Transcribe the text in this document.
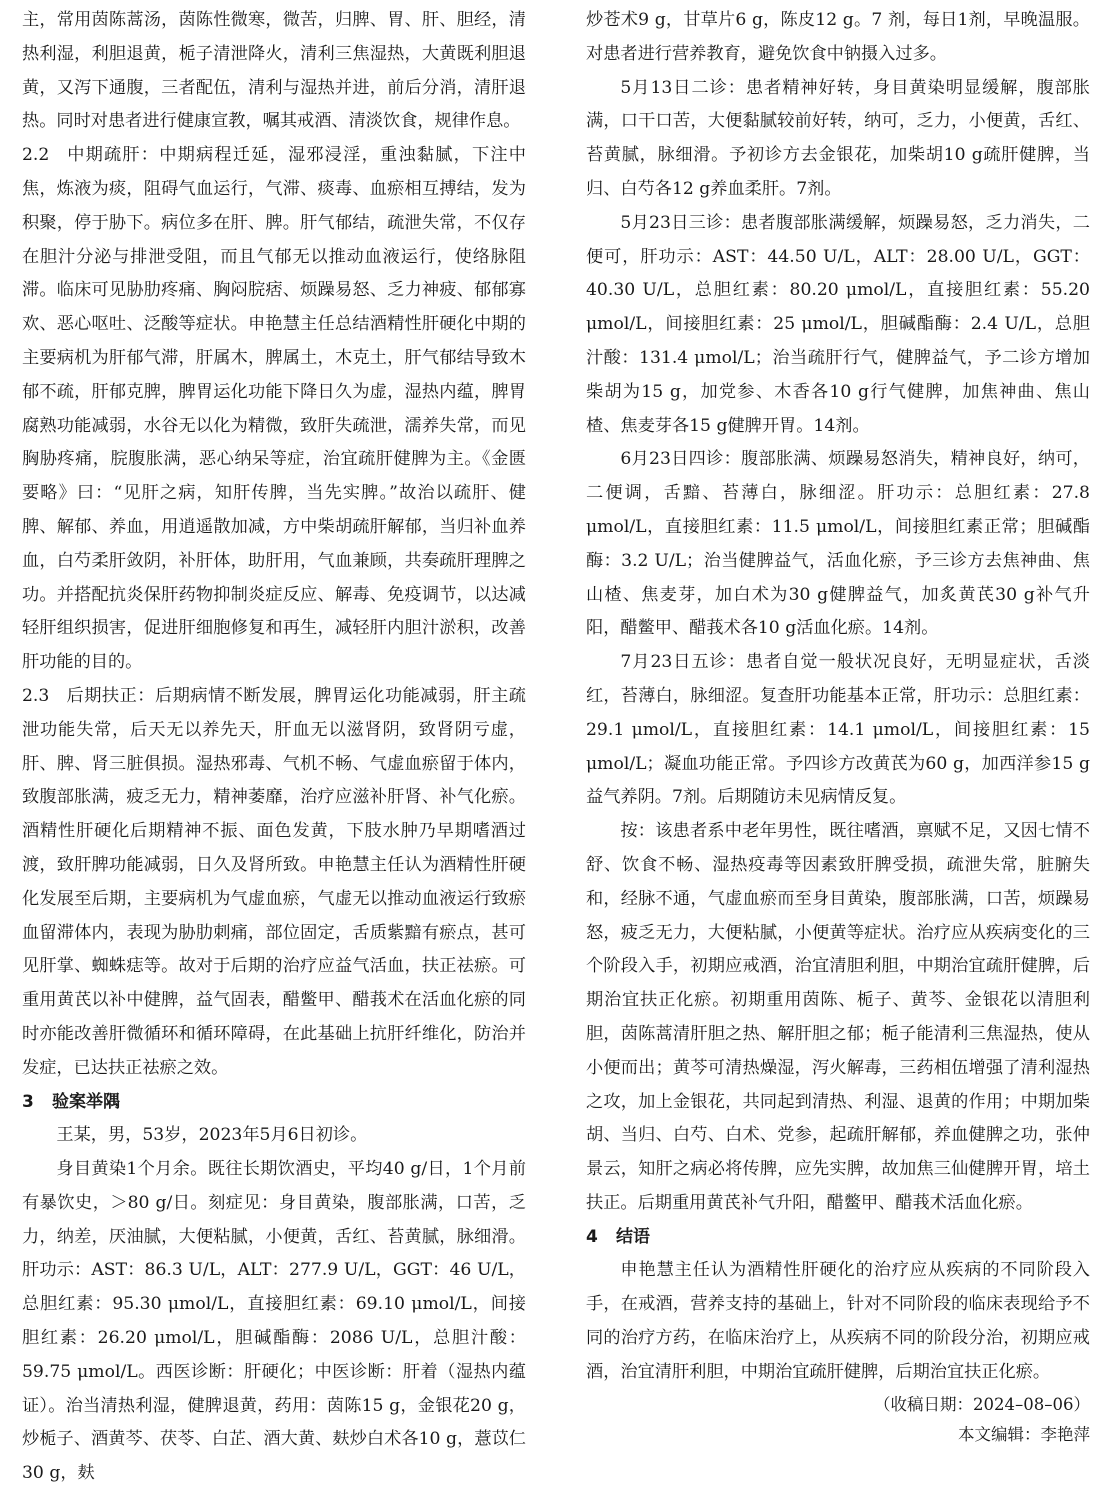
主，常用茵陈蒿汤，茵陈性微寒，微苦，归脾、胃、肝、胆经，清热利湿，利胆退黄，栀子清泄降火，清利三焦湿热，大黄既利胆退黄，又泻下通腹，三者配伍，清利与湿热并进，前后分消，清肝退热。同时对患者进行健康宣教，嘱其戒酒、清淡饮食，规律作息。

2.2 中期疏肝：中期病程迁延，湿邪浸淫，重浊黏腻，下注中焦，炼液为痰，阻碍气血运行，气滞、痰毒、血瘀相互搏结，发为积聚，停于胁下。病位多在肝、脾。肝气郁结，疏泄失常，不仅存在胆汁分泌与排泄受阻，而且气郁无以推动血液运行，使络脉阻滞。临床可见胁肋疼痛、胸闷脘痞、烦躁易怒、乏力神疲、郁郁寡欢、恶心呕吐、泛酸等症状。申艳慧主任总结酒精性肝硬化中期的主要病机为肝郁气滞，肝属木，脾属土，木克土，肝气郁结导致木郁不疏，肝郁克脾，脾胃运化功能下降日久为虚，湿热内蕴，脾胃腐熟功能减弱，水谷无以化为精微，致肝失疏泄，濡养失常，而见胸胁疼痛，脘腹胀满，恶心纳呆等症，治宜疏肝健脾为主。《金匮要略》曰：“见肝之病，知肝传脾，当先实脾。”故治以疏肝、健脾、解郁、养血，用逍遥散加减，方中柴胡疏肝解郁，当归补血养血，白芍柔肝敛阴，补肝体，助肝用，气血兼顾，共奏疏肝理脾之功。并搭配抗炎保肝药物抑制炎症反应、解毒、免疫调节，以达减轻肝组织损害，促进肝细胞修复和再生，减轻肝内胆汁淤积，改善肝功能的目的。

2.3 后期扶正：后期病情不断发展，脾胃运化功能减弱，肝主疏泄功能失常，后天无以养先天，肝血无以滋肾阴，致肾阴亏虚，肝、脾、肾三脏俱损。湿热邪毒、气机不畅、气虚血瘀留于体内，致腹部胀满，疲乏无力，精神萎靡，治疗应滋补肝肾、补气化瘀。酒精性肝硬化后期精神不振、面色发黄，下肢水肿乃早期嗜酒过渡，致肝脾功能减弱，日久及肾所致。申艳慧主任认为酒精性肝硬化发展至后期，主要病机为气虚血瘀，气虚无以推动血液运行致瘀血留滞体内，表现为胁肋刺痛，部位固定，舌质紫黯有瘀点，甚可见肝掌、蜘蛛痣等。故对于后期的治疗应益气活血，扶正祛瘀。可重用黄芪以补中健脾，益气固表，醋鳖甲、醋莪术在活血化瘀的同时亦能改善肝微循环和循环障碍，在此基础上抗肝纤维化，防治并发症，已达扶正祛瘀之效。

3 验案举隅

王某，男，53岁，2023年5月6日初诊。

身目黄染1个月余。既往长期饮酒史，平均40 g/日，1个月前有暴饮史，＞80 g/日。刻症见：身目黄染，腹部胀满，口苦，乏力，纳差，厌油腻，大便粘腻，小便黄，舌红、苔黄腻，脉细滑。肝功示：AST：86.3 U/L，ALT：277.9 U/L，GGT：46 U/L，总胆红素：95.30 μmol/L，直接胆红素：69.10 μmol/L，间接胆红素：26.20 μmol/L，胆碱酯酶：2086 U/L，总胆汁酸：59.75 μmol/L。西医诊断：肝硬化；中医诊断：肝着（湿热内蕴证）。治当清热利湿，健脾退黄，药用：茵陈15 g，金银花20 g，炒栀子、酒黄芩、茯苓、白芷、酒大黄、麸炒白术各10 g，薏苡仁30 g，麸

炒苍术9 g，甘草片6 g，陈皮12 g。7 剂，每日1剂，早晚温服。对患者进行营养教育，避免饮食中钠摄入过多。

5月13日二诊：患者精神好转，身目黄染明显缓解，腹部胀满，口干口苦，大便黏腻较前好转，纳可，乏力，小便黄，舌红、苔黄腻，脉细滑。予初诊方去金银花，加柴胡10 g疏肝健脾，当归、白芍各12 g养血柔肝。7剂。

5月23日三诊：患者腹部胀满缓解，烦躁易怒，乏力消失，二便可，肝功示：AST：44.50 U/L，ALT：28.00 U/L，GGT：40.30 U/L，总胆红素：80.20 μmol/L，直接胆红素：55.20 μmol/L，间接胆红素：25 μmol/L，胆碱酯酶：2.4 U/L，总胆汁酸：131.4 μmol/L；治当疏肝行气，健脾益气，予二诊方增加柴胡为15 g，加党参、木香各10 g行气健脾，加焦神曲、焦山楂、焦麦芽各15 g健脾开胃。14剂。

6月23日四诊：腹部胀满、烦躁易怒消失，精神良好，纳可，二便调，舌黯、苔薄白，脉细涩。肝功示：总胆红素：27.8 μmol/L，直接胆红素：11.5 μmol/L，间接胆红素正常；胆碱酯酶：3.2 U/L；治当健脾益气，活血化瘀，予三诊方去焦神曲、焦山楂、焦麦芽，加白术为30 g健脾益气，加炙黄芪30 g补气升阳，醋鳖甲、醋莪术各10 g活血化瘀。14剂。

7月23日五诊：患者自觉一般状况良好，无明显症状，舌淡红，苔薄白，脉细涩。复查肝功能基本正常，肝功示：总胆红素：29.1 μmol/L，直接胆红素：14.1 μmol/L，间接胆红素：15 μmol/L；凝血功能正常。予四诊方改黄芪为60 g，加西洋参15 g益气养阴。7剂。后期随访未见病情反复。

按：该患者系中老年男性，既往嗜酒，禀赋不足，又因七情不舒、饮食不畅、湿热疫毒等因素致肝脾受损，疏泄失常，脏腑失和，经脉不通，气虚血瘀而至身目黄染，腹部胀满，口苦，烦躁易怒，疲乏无力，大便粘腻，小便黄等症状。治疗应从疾病变化的三个阶段入手，初期应戒酒，治宜清胆利胆，中期治宜疏肝健脾，后期治宜扶正化瘀。初期重用茵陈、栀子、黄芩、金银花以清胆利胆，茵陈蒿清肝胆之热、解肝胆之郁；栀子能清利三焦湿热，使从小便而出；黄芩可清热燥湿，泻火解毒，三药相伍增强了清利湿热之攻，加上金银花，共同起到清热、利湿、退黄的作用；中期加柴胡、当归、白芍、白术、党参，起疏肝解郁，养血健脾之功，张仲景云，知肝之病必将传脾，应先实脾，故加焦三仙健脾开胃，培土扶正。后期重用黄芪补气升阳，醋鳖甲、醋莪术活血化瘀。

4 结语

申艳慧主任认为酒精性肝硬化的治疗应从疾病的不同阶段入手，在戒酒，营养支持的基础上，针对不同阶段的临床表现给予不同的治疗方药，在临床治疗上，从疾病不同的阶段分治，初期应戒酒，治宜清肝利胆，中期治宜疏肝健脾，后期治宜扶正化瘀。

（收稿日期：2024–08–06）

本文编辑：李艳萍
